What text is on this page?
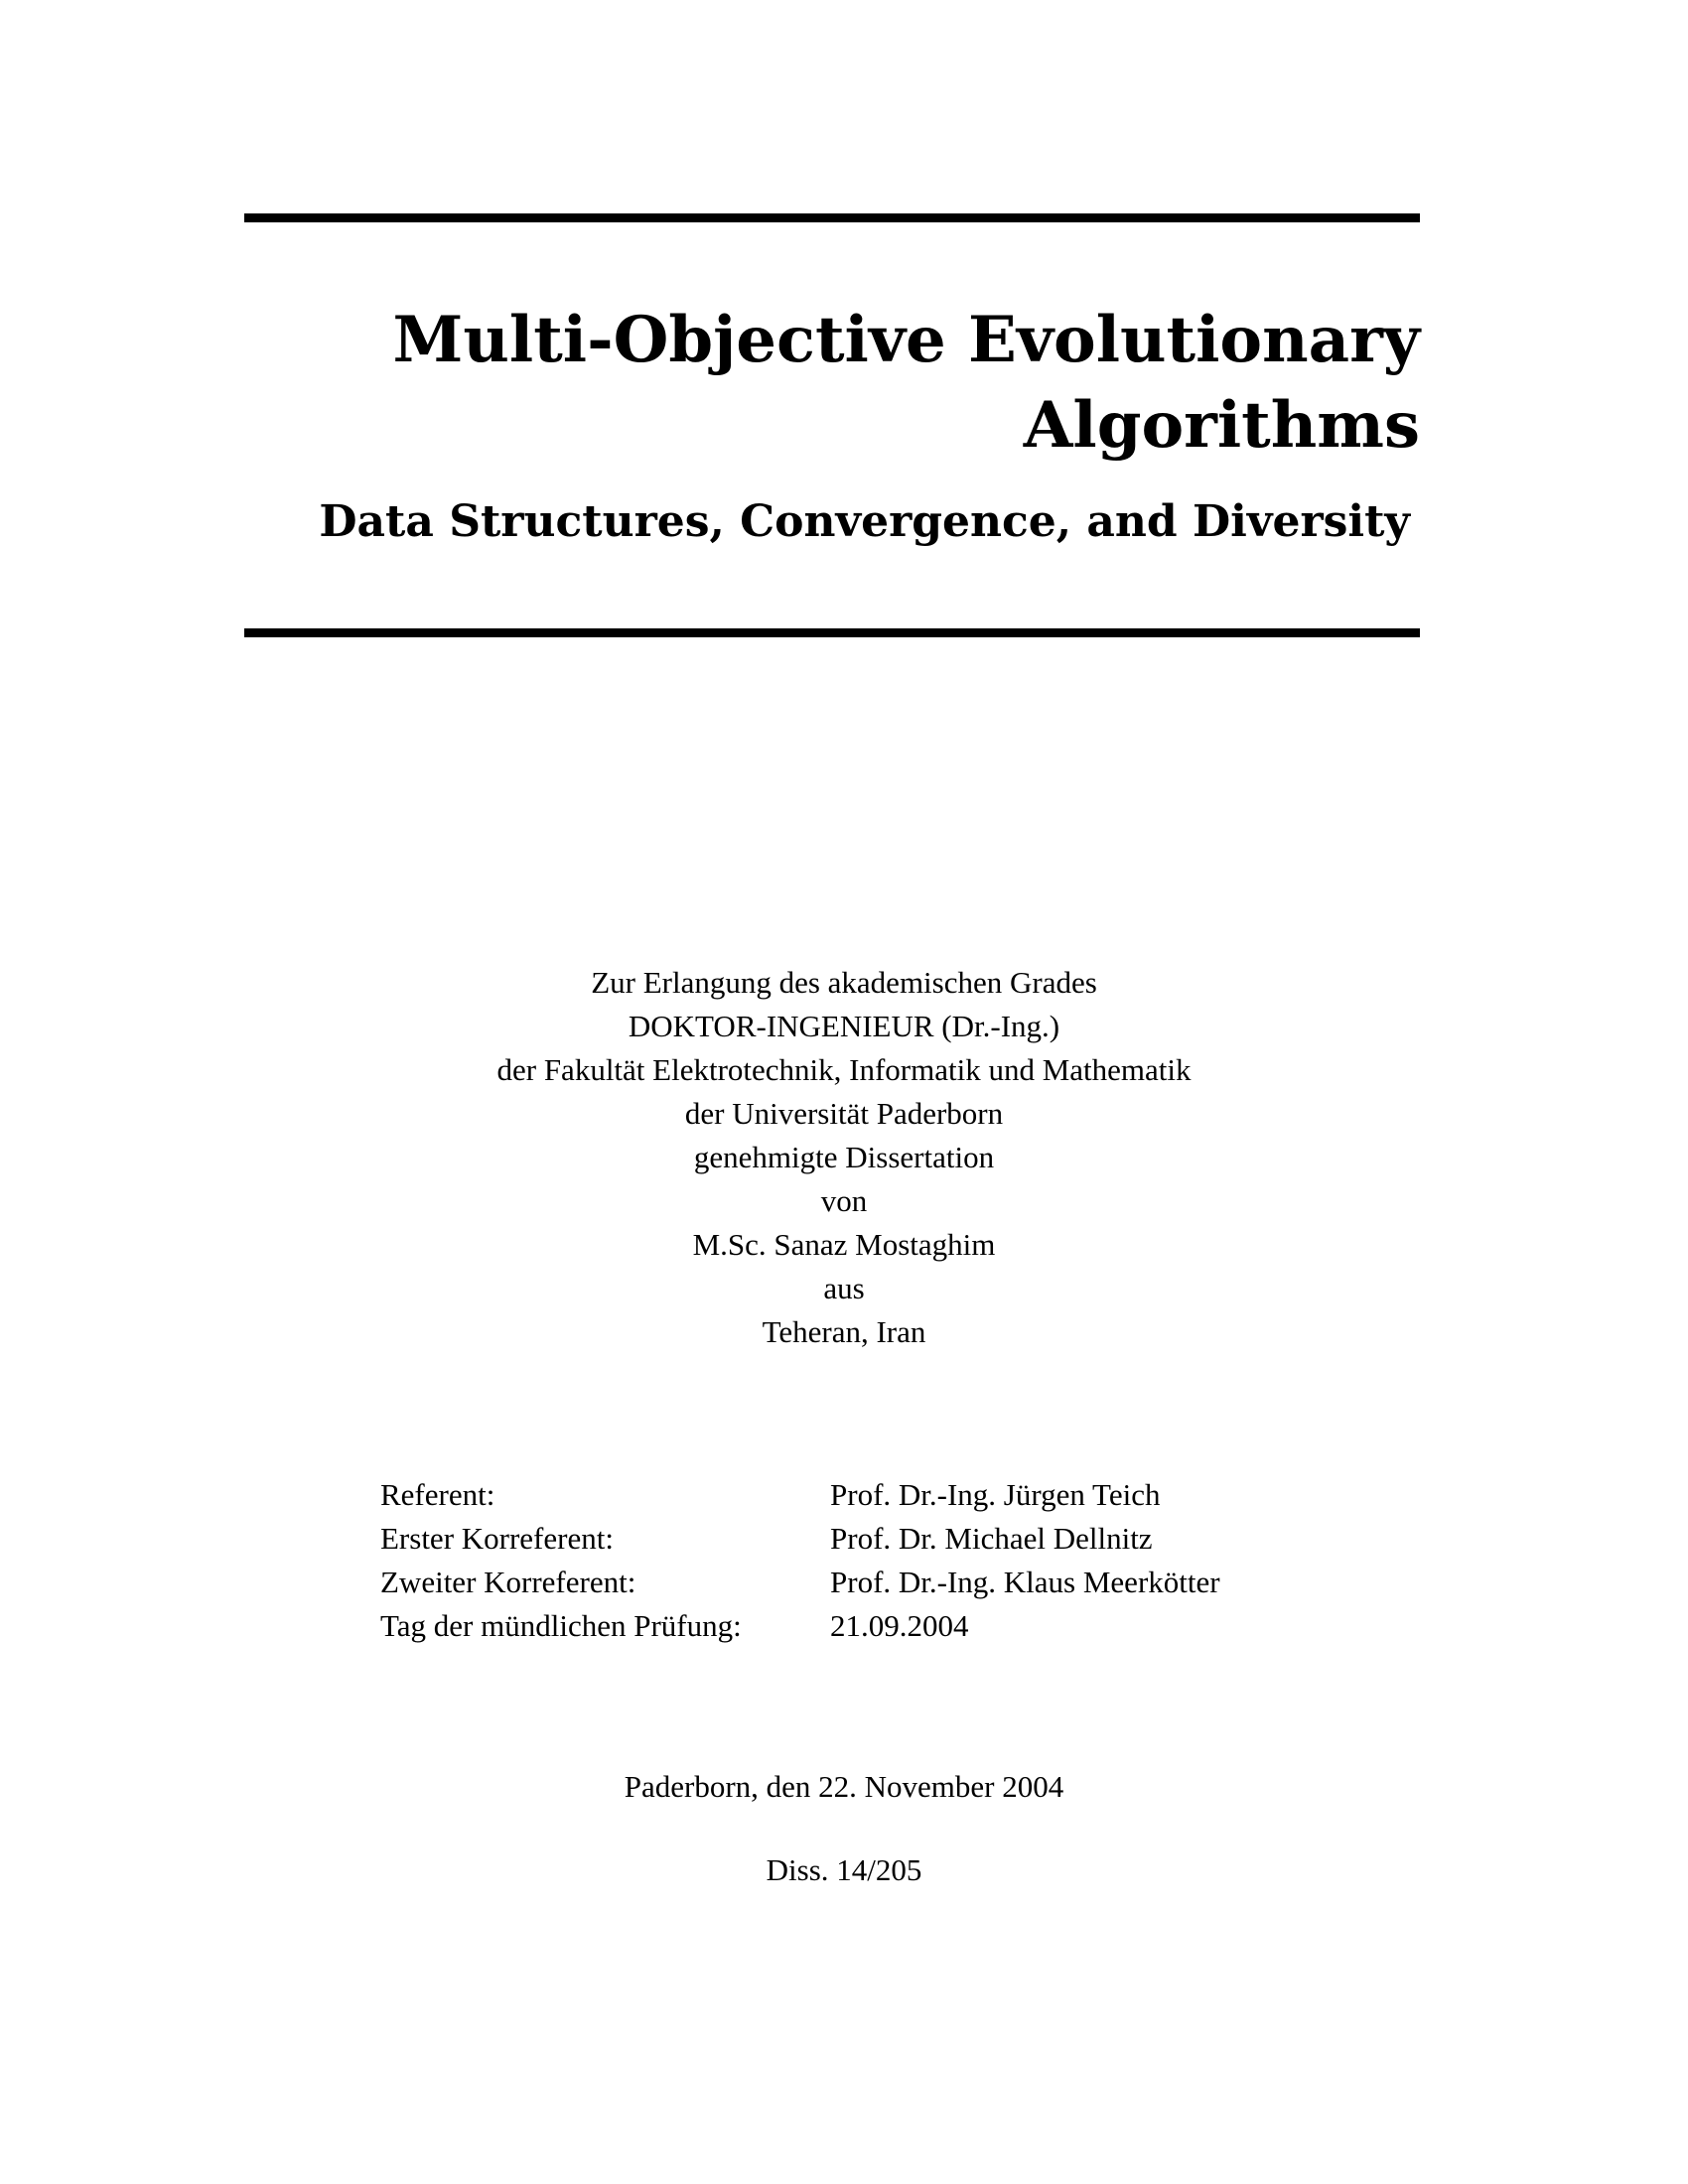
Multi-Objective Evolutionary
Algorithms
Data Structures, Convergence, and Diversity
Zur Erlangung des akademischen Grades
DOKTOR-INGENIEUR (Dr.-Ing.)
der Fakultät Elektrotechnik, Informatik und Mathematik
der Universität Paderborn
genehmigte Dissertation
von
M.Sc. Sanaz Mostaghim
aus
Teheran, Iran
Referent:	Prof. Dr.-Ing. Jürgen Teich
Erster Korreferent:	Prof. Dr. Michael Dellnitz
Zweiter Korreferent:	Prof. Dr.-Ing. Klaus Meerkötter
Tag der mündlichen Prüfung:	21.09.2004
Paderborn, den 22. November 2004
Diss. 14/205
